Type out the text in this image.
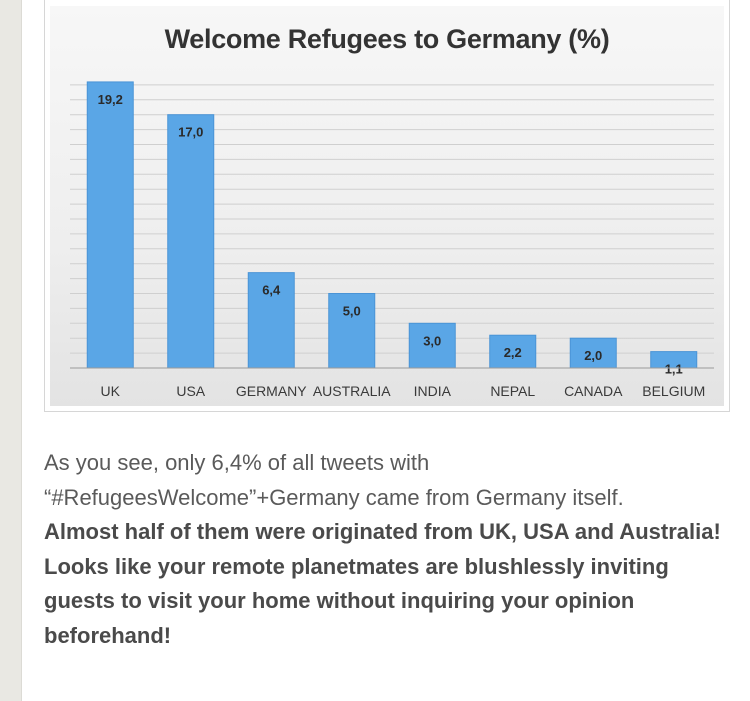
Welcome Refugees to Germany (%)
19,2
UK
17,0
USA
6,4
GERMANY
5,0
AUSTRALIA
3,0
INDIA
2,2
NEPAL
2,0
CANADA
1,1
BELGIUM

As you see, only 6,4% of all tweets with “#RefugeesWelcome”+Germany came from Germany itself.

Almost half of them were originated from UK, USA and Australia! Looks like your remote planetmates are blushlessly inviting guests to visit your home without inquiring your opinion beforehand!
